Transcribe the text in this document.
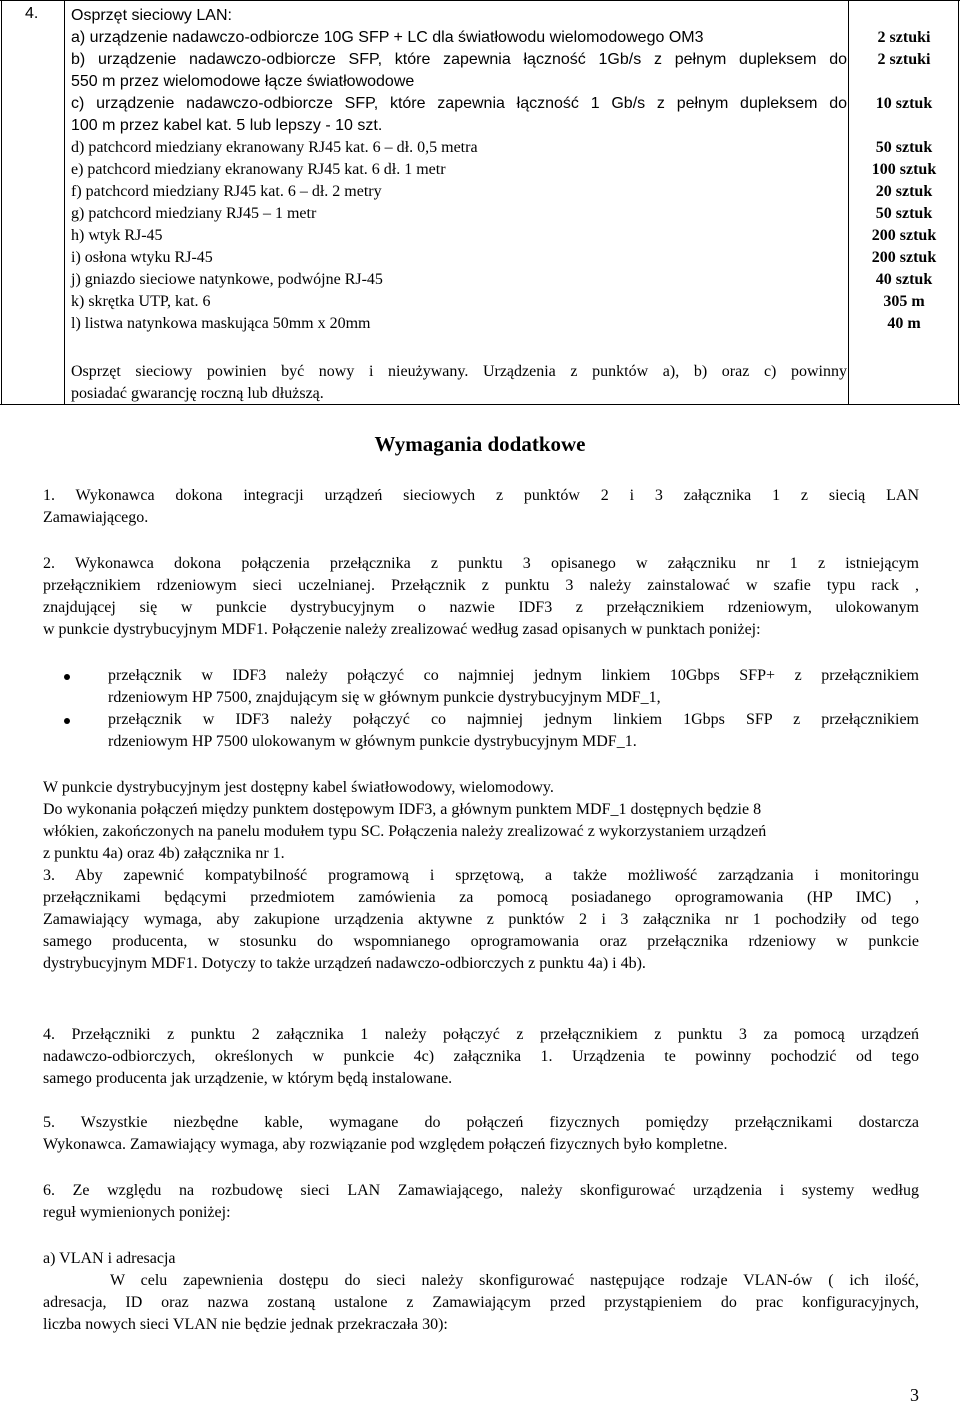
4. Osprzęt sieciowy LAN:
a) urządzenie nadawczo-odbiorcze 10G SFP + LC dla światłowodu wielomodowego OM3
b) urządzenie nadawczo-odbiorcze SFP, które zapewnia łączność 1Gb/s z pełnym dupleksem do
550 m przez wielomodowe łącze światłowodowe
c) urządzenie nadawczo-odbiorcze SFP, które zapewnia łączność 1 Gb/s z pełnym dupleksem do
100 m przez kabel kat. 5 lub lepszy - 10 szt.
d) patchcord miedziany ekranowany RJ45 kat. 6 – dł. 0,5 metra
e) patchcord miedziany ekranowany RJ45 kat. 6 dł. 1 metr
f) patchcord miedziany RJ45 kat. 6 – dł. 2 metry
g) patchcord miedziany RJ45 – 1 metr
h) wtyk RJ-45
i) osłona wtyku RJ-45
j) gniazdo sieciowe natynkowe, podwójne RJ-45
k) skrętka UTP, kat. 6
l) listwa natynkowa maskująca 50mm x 20mm
2 sztuki
2 sztuki
10 sztuk
50 sztuk
100 sztuk
20 sztuk
50 sztuk
200 sztuk
200 sztuk
40 sztuk
305 m
40 m
Osprzęt sieciowy powinien być nowy i nieużywany. Urządzenia z punktów a), b) oraz c) powinny
posiadać gwarancję roczną lub dłuższą.
Wymagania dodatkowe
1. Wykonawca dokona integracji urządzeń sieciowych z punktów 2 i 3 załącznika 1 z siecią LAN
Zamawiającego.
2. Wykonawca dokona połączenia przełącznika z punktu 3 opisanego w załączniku nr 1 z istniejącym
przełącznikiem rdzeniowym sieci uczelnianej. Przełącznik z punktu 3 należy zainstalować w szafie typu rack ,
znajdującej się w punkcie dystrybucyjnym o nazwie IDF3 z przełącznikiem rdzeniowym, ulokowanym
w punkcie dystrybucyjnym MDF1. Połączenie należy zrealizować według zasad opisanych w punktach poniżej:
przełącznik w IDF3 należy połączyć co najmniej jednym linkiem 10Gbps SFP+ z przełącznikiem
rdzeniowym HP 7500, znajdującym się w głównym punkcie dystrybucyjnym MDF_1,
przełącznik w IDF3 należy połączyć co najmniej jednym linkiem 1Gbps SFP z przełącznikiem
rdzeniowym HP 7500 ulokowanym w głównym punkcie dystrybucyjnym MDF_1.
W punkcie dystrybucyjnym jest dostępny kabel światłowodowy, wielomodowy.
Do wykonania połączeń między punktem dostępowym IDF3, a głównym punktem MDF_1 dostępnych będzie 8
włókien, zakończonych na panelu modułem typu SC. Połączenia należy zrealizować z wykorzystaniem urządzeń
z punktu 4a) oraz 4b) załącznika nr 1.
3. Aby zapewnić kompatybilność programową i sprzętową, a także możliwość zarządzania i monitoringu
przełącznikami będącymi przedmiotem zamówienia za pomocą posiadanego oprogramowania (HP IMC) ,
Zamawiający wymaga, aby zakupione urządzenia aktywne z punktów 2 i 3 załącznika nr 1 pochodziły od tego
samego producenta, w stosunku do wspomnianego oprogramowania oraz przełącznika rdzeniowy w punkcie
dystrybucyjnym MDF1. Dotyczy to także urządzeń nadawczo-odbiorczych z punktu 4a) i 4b).
4. Przełączniki z punktu 2 załącznika 1 należy połączyć z przełącznikiem z punktu 3 za pomocą urządzeń
nadawczo-odbiorczych, określonych w punkcie 4c) załącznika 1. Urządzenia te powinny pochodzić od tego
samego producenta jak urządzenie, w którym będą instalowane.
5. Wszystkie niezbędne kable, wymagane do połączeń fizycznych pomiędzy przełącznikami dostarcza
Wykonawca. Zamawiający wymaga, aby rozwiązanie pod względem połączeń fizycznych było kompletne.
6. Ze względu na rozbudowę sieci LAN Zamawiającego, należy skonfigurować urządzenia i systemy według
reguł wymienionych poniżej:
a) VLAN i adresacja
W celu zapewnienia dostępu do sieci należy skonfigurować następujące rodzaje VLAN-ów ( ich ilość,
adresacja, ID oraz nazwa zostaną ustalone z Zamawiającym przed przystąpieniem do prac konfiguracyjnych,
liczba nowych sieci VLAN nie będzie jednak przekraczała 30):
3
